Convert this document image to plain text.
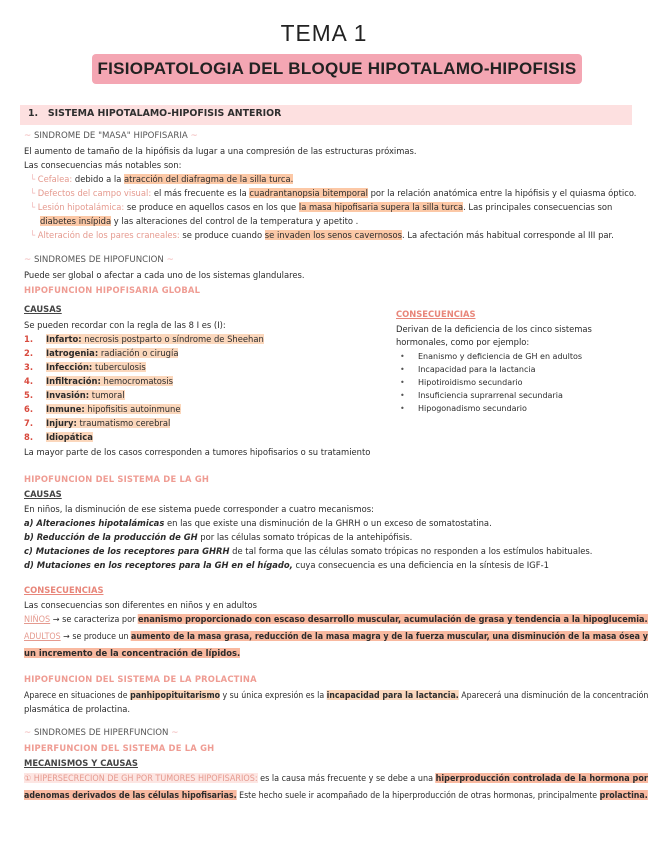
TEMA 1
FISIOPATOLOGIA DEL BLOQUE HIPOTALAMO-HIPOFISIS
1. SISTEMA HIPOTALAMO-HIPOFISIS ANTERIOR
~ SINDROME DE "MASA" HIPOFISARIA ~
El aumento de tamaño de la hipófisis da lugar a una compresión de las estructuras próximas.
Las consecuencias más notables son:
└ Cefalea: debido a la atracción del diafragma de la silla turca.
└ Defectos del campo visual: el más frecuente es la cuadrantanopsia bitemporal por la relación anatómica entre la hipófisis y el quiasma óptico.
└ Lesión hipotalámica: se produce en aquellos casos en los que la masa hipofisaria supera la silla turca. Las principales consecuencias son
diabetes insípida y las alteraciones del control de la temperatura y apetito .
└ Alteración de los pares craneales: se produce cuando se invaden los senos cavernosos. La afectación más habitual corresponde al III par.
~ SINDROMES DE HIPOFUNCION ~
Puede ser global o afectar a cada uno de los sistemas glandulares.
HIPOFUNCION HIPOFISARIA GLOBAL
CAUSAS
Se pueden recordar con la regla de las 8 I es (I):
1. Infarto: necrosis postparto o síndrome de Sheehan
2. Iatrogenia: radiación o cirugía
3. Infección: tuberculosis
4. Infiltración: hemocromatosis
5. Invasión: tumoral
6. Inmune: hipofisitis autoinmune
7. Injury: traumatismo cerebral
8. Idiopática
La mayor parte de los casos corresponden a tumores hipofisarios o su tratamiento
CONSECUENCIAS
Derivan de la deficiencia de los cinco sistemas
hormonales, como por ejemplo:
• Enanismo y deficiencia de GH en adultos
• Incapacidad para la lactancia
• Hipotiroidismo secundario
• Insuficiencia suprarrenal secundaria
• Hipogonadismo secundario
HIPOFUNCION DEL SISTEMA DE LA GH
CAUSAS
En niños, la disminución de ese sistema puede corresponder a cuatro mecanismos:
a) Alteraciones hipotalámicas en las que existe una disminución de la GHRH o un exceso de somatostatina.
b) Reducción de la producción de GH por las células somato trópicas de la antehipófisis.
c) Mutaciones de los receptores para GHRH de tal forma que las células somato trópicas no responden a los estímulos habituales.
d) Mutaciones en los receptores para la GH en el hígado, cuya consecuencia es una deficiencia en la síntesis de IGF-1
CONSECUENCIAS
Las consecuencias son diferentes en niños y en adultos
NIÑOS → se caracteriza por enanismo proporcionado con escaso desarrollo muscular, acumulación de grasa y tendencia a la hipoglucemia.
ADULTOS → se produce un aumento de la masa grasa, reducción de la masa magra y de la fuerza muscular, una disminución de la masa ósea y
un incremento de la concentración de lípidos.
HIPOFUNCION DEL SISTEMA DE LA PROLACTINA
Aparece en situaciones de panhipopituitarismo y su única expresión es la incapacidad para la lactancia. Aparecerá una disminución de la concentración
plasmática de prolactina.
~ SINDROMES DE HIPERFUNCION ~
HIPERFUNCION DEL SISTEMA DE LA GH
MECANISMOS Y CAUSAS
① HIPERSECRECION DE GH POR TUMORES HIPOFISARIOS: es la causa más frecuente y se debe a una hiperproducción controlada de la hormona por
adenomas derivados de las células hipofisarias. Este hecho suele ir acompañado de la hiperproducción de otras hormonas, principalmente prolactina.
